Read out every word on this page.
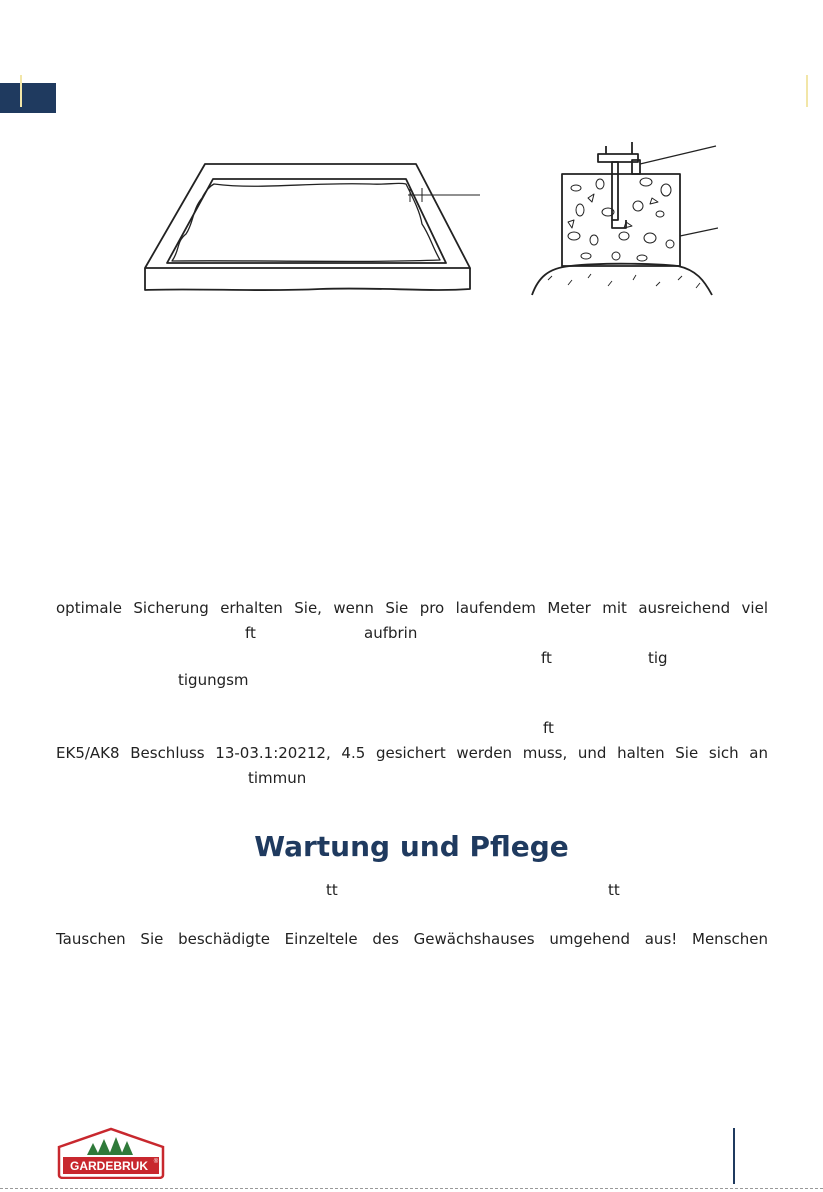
optimale Sicherung erhalten Sie, wenn Sie pro laufendem Meter mit ausreichend viel
ft	aufbrin
ft	tig
tigungsm
ft
EK5/AK8 Beschluss 13-03.1:20212, 4.5 gesichert werden muss, und halten Sie sich an
timmun
Wartung und Pflege
tt	tt
Tauschen Sie beschädigte Einzeltele des Gewächshauses umgehend aus! Menschen
GARDEBRUK ®
